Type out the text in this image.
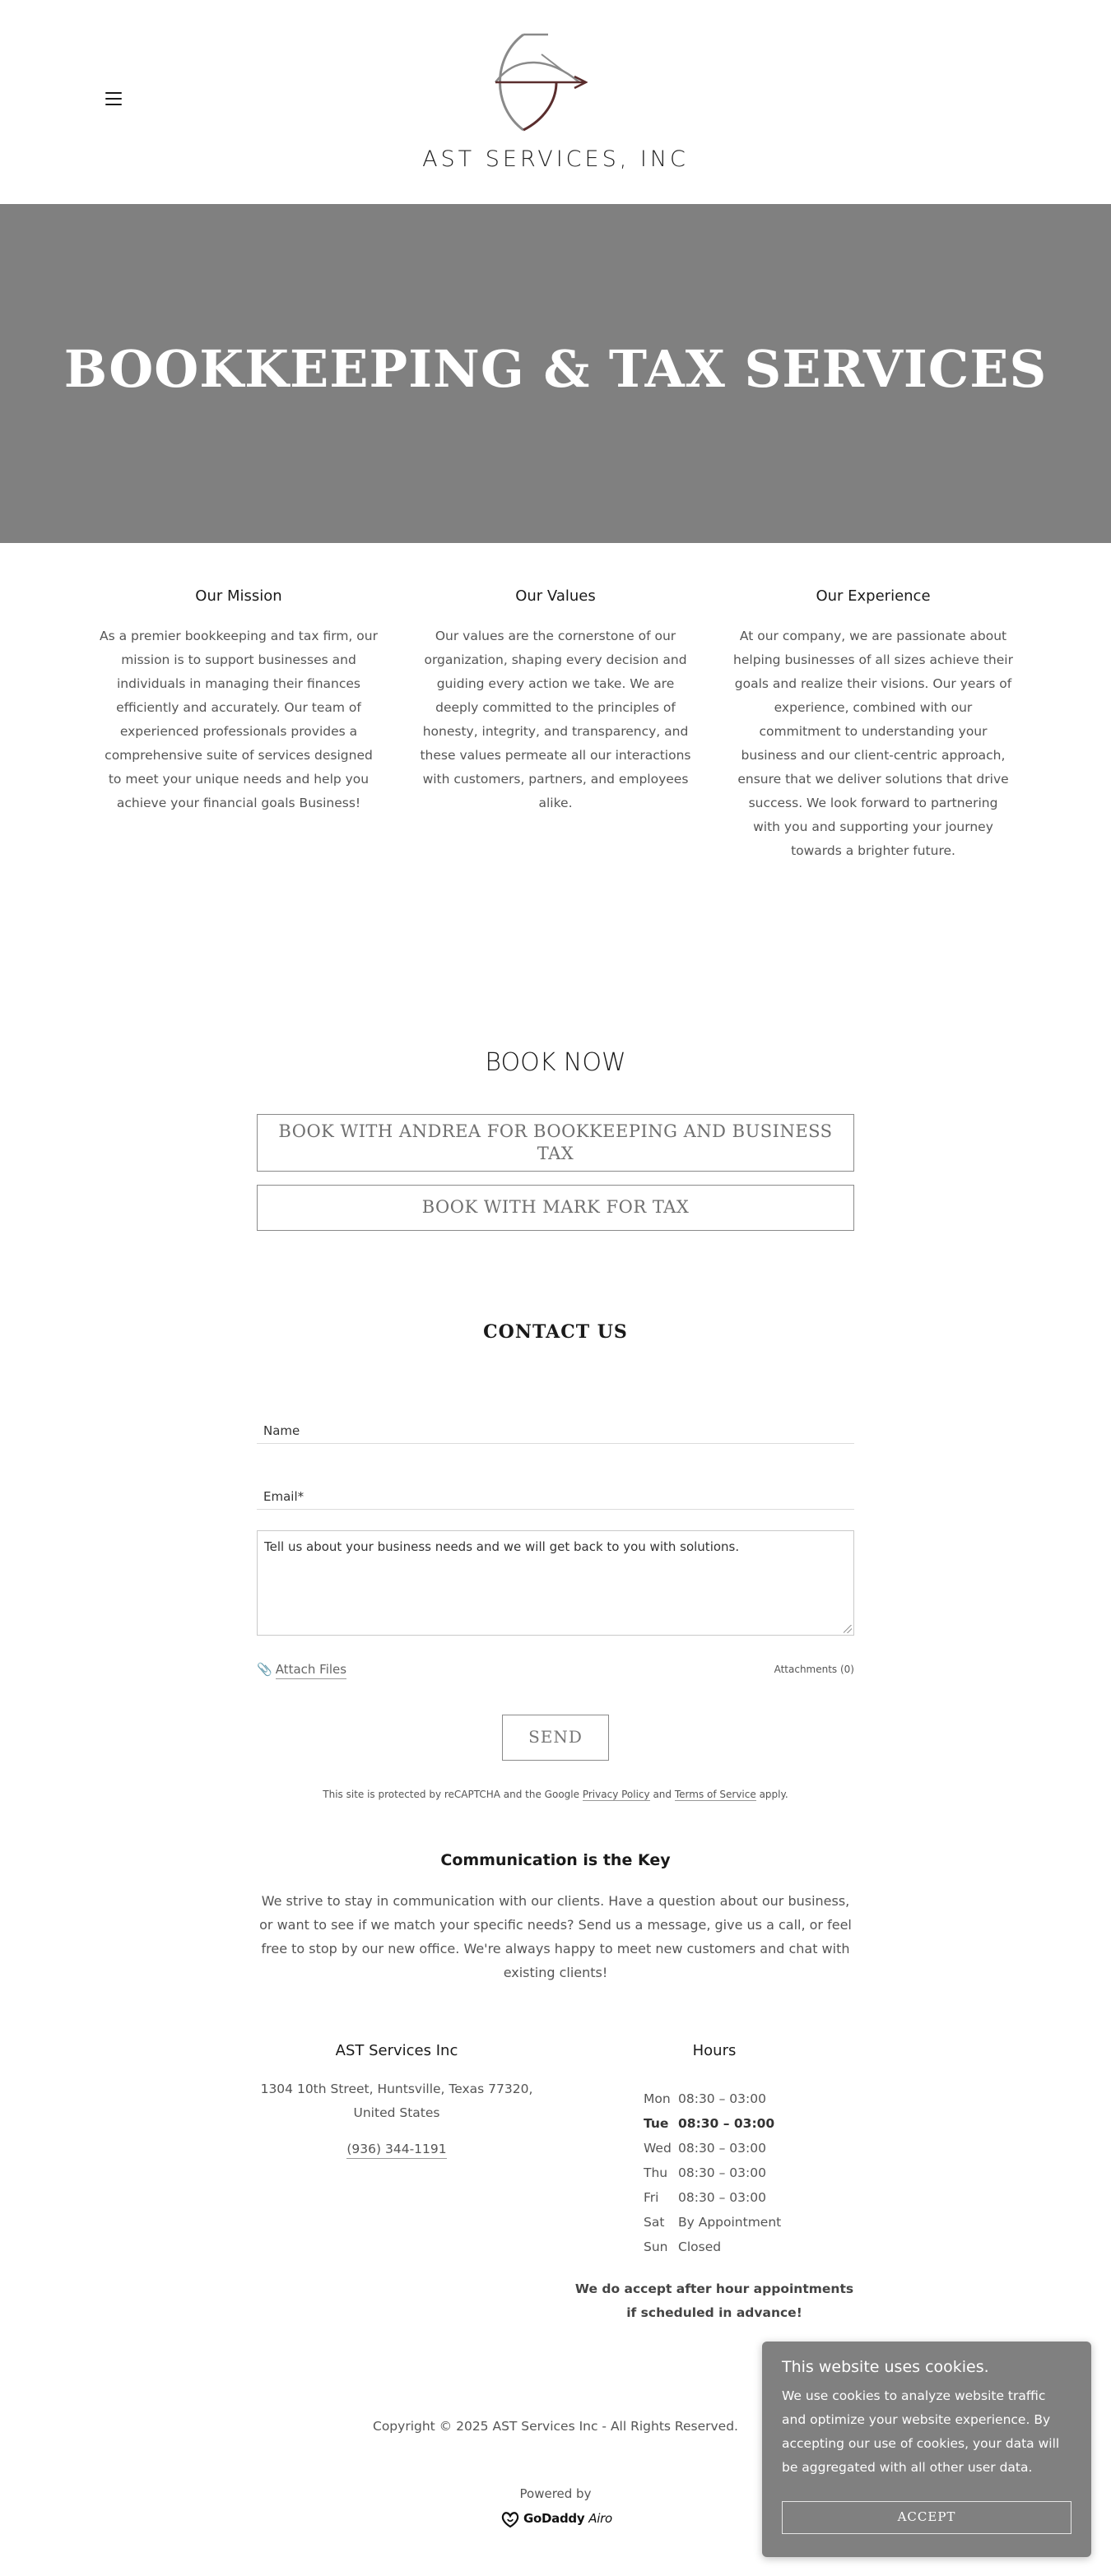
AST SERVICES, INC
BOOKKEEPING & TAX SERVICES
Our Mission

As a premier bookkeeping and tax firm, our mission is to support businesses and individuals in managing their finances efficiently and accurately. Our team of experienced professionals provides a comprehensive suite of services designed to meet your unique needs and help you achieve your financial goals Business!

Our Values

Our values are the cornerstone of our organization, shaping every decision and guiding every action we take. We are deeply committed to the principles of honesty, integrity, and transparency, and these values permeate all our interactions with customers, partners, and employees alike.

Our Experience

At our company, we are passionate about helping businesses of all sizes achieve their goals and realize their visions. Our years of experience, combined with our commitment to understanding your business and our client-centric approach, ensure that we deliver solutions that drive success. We look forward to partnering with you and supporting your journey towards a brighter future.

BOOK NOW
BOOK WITH ANDREA FOR BOOKKEEPING AND BUSINESS TAX
BOOK WITH MARK FOR TAX
CONTACT US
Name
Email*
Tell us about your business needs and we will get back to you with solutions.
📎 Attach Files	Attachments (0)
SEND
This site is protected by reCAPTCHA and the Google Privacy Policy and Terms of Service apply.
Communication is the Key

We strive to stay in communication with our clients. Have a question about our business, or want to see if we match your specific needs? Send us a message, give us a call, or feel free to stop by our new office. We're always happy to meet new customers and chat with existing clients!

AST Services Inc
1304 10th Street, Huntsville, Texas 77320, United States
(936) 344-1191
Hours
Mon 08:30 – 03:00
Tue 08:30 – 03:00
Wed 08:30 – 03:00
Thu 08:30 – 03:00
Fri 08:30 – 03:00
Sat By Appointment
Sun Closed
We do accept after hour appointments if scheduled in advance!
Copyright © 2025 AST Services Inc - All Rights Reserved.
Powered by
GoDaddy Airo
This website uses cookies.

We use cookies to analyze website traffic and optimize your website experience. By accepting our use of cookies, your data will be aggregated with all other user data.

ACCEPT
